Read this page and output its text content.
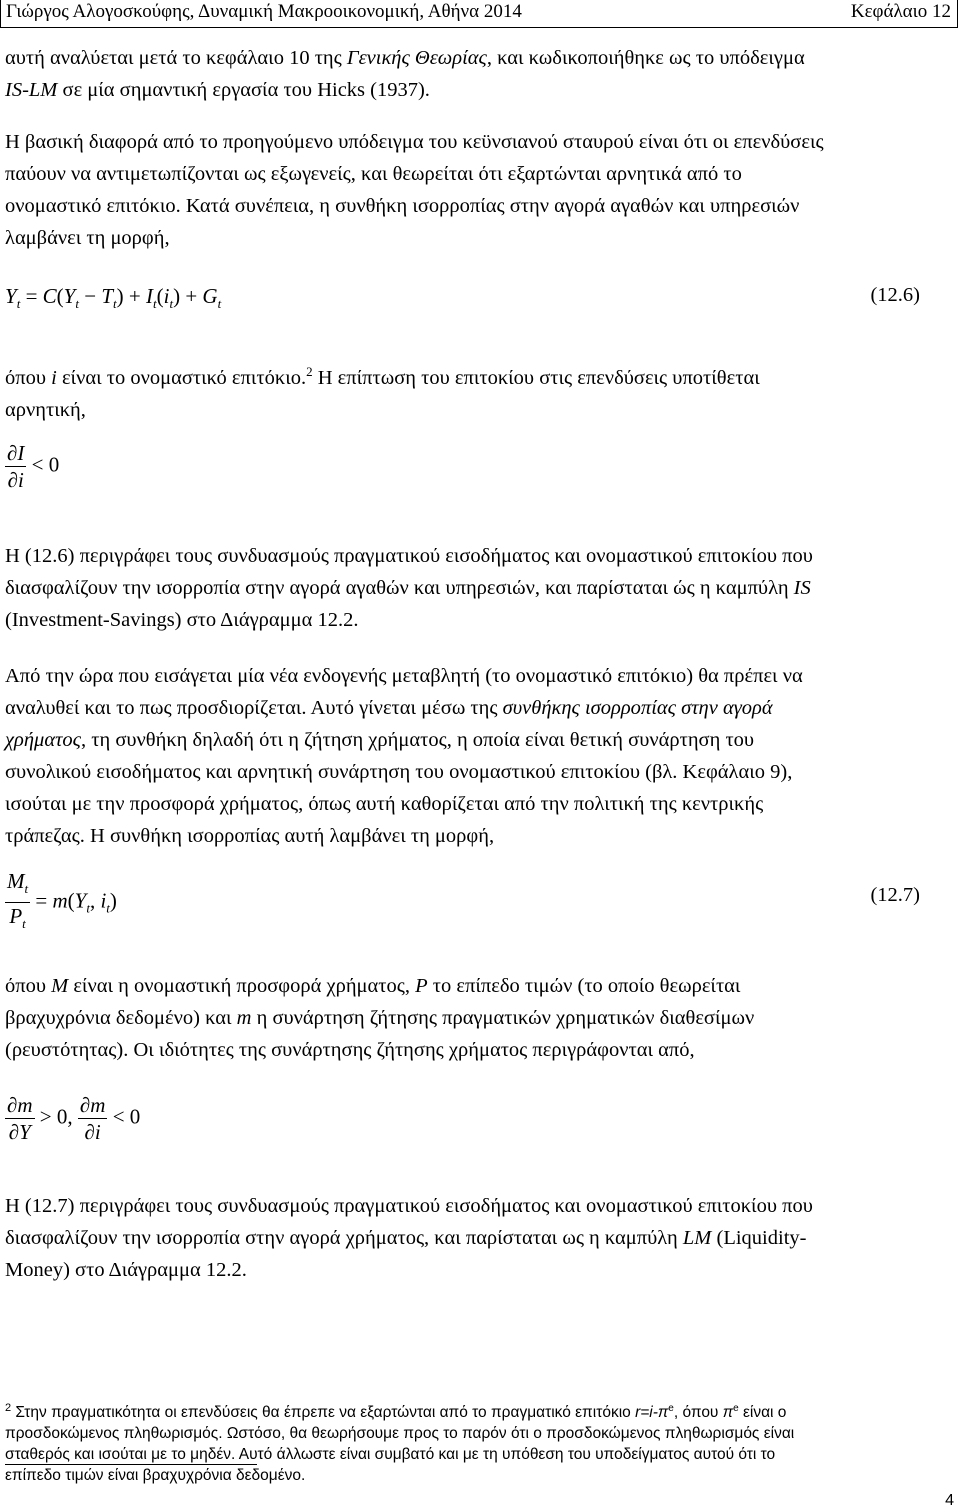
Γιώργος Αλογοσκούφης, Δυναμική Μακροοικονομική, Αθήνα 2014	Κεφάλαιο 12

αυτή αναλύεται μετά το κεφάλαιο 10 της Γενικής Θεωρίας, και κωδικοποιήθηκε ως το υπόδειγμα
IS-LM σε μία σημαντική εργασία του Hicks (1937).

Η βασική διαφορά από το προηγούμενο υπόδειγμα του κεϋνσιανού σταυρού είναι ότι οι επενδύσεις
παύουν να αντιμετωπίζονται ως εξωγενείς, και θεωρείται ότι εξαρτώνται αρνητικά από το
ονομαστικό επιτόκιο. Κατά συνέπεια, η συνθήκη ισορροπίας στην αγορά αγαθών και υπηρεσιών
λαμβάνει τη μορφή,

$Y_t = C(Y_t - T_t) + I_t(i_t) + G_t$	(12.6)

όπου i είναι το ονομαστικό επιτόκιο.$^2$ Η επίπτωση του επιτοκίου στις επενδύσεις υποτίθεται
αρνητική,

$\frac{\partial I}{\partial i} < 0$

Η (12.6) περιγράφει τους συνδυασμούς πραγματικού εισοδήματος και ονομαστικού επιτοκίου που
διασφαλίζουν την ισορροπία στην αγορά αγαθών και υπηρεσιών, και παρίσταται ώς η καμπύλη IS
(Investment-Savings) στο Διάγραμμα 12.2.

Από την ώρα που εισάγεται μία νέα ενδογενής μεταβλητή (το ονομαστικό επιτόκιο) θα πρέπει να
αναλυθεί και το πως προσδιορίζεται. Αυτό γίνεται μέσω της συνθήκης ισορροπίας στην αγορά
χρήματος, τη συνθήκη δηλαδή ότι η ζήτηση χρήματος, η οποία είναι θετική συνάρτηση του
συνολικού εισοδήματος και αρνητική συνάρτηση του ονομαστικού επιτοκίου (βλ. Κεφάλαιο 9),
ισούται με την προσφορά χρήματος, όπως αυτή καθορίζεται από την πολιτική της κεντρικής
τράπεζας. Η συνθήκη ισορροπίας αυτή λαμβάνει τη μορφή,

$\frac{M_t}{P_t} = m(Y_t$, $i_t$)	(12.7)

όπου M είναι η ονομαστική προσφορά χρήματος, P το επίπεδο τιμών (το οποίο θεωρείται
βραχυχρόνια δεδομένο) και m η συνάρτηση ζήτησης πραγματικών χρηματικών διαθεσίμων
(ρευστότητας). Οι ιδιότητες της συνάρτησης ζήτησης χρήματος περιγράφονται από,

$\frac{\partial m}{\partial Y} > 0$, $\frac{\partial m}{\partial i} < 0$

Η (12.7) περιγράφει τους συνδυασμούς πραγματικού εισοδήματος και ονομαστικού επιτοκίου που
διασφαλίζουν την ισορροπία στην αγορά χρήματος, και παρίσταται ως η καμπύλη LM (Liquidity-
Money) στο Διάγραμμα 12.2.

$^2$ Στην πραγματικότητα οι επενδύσεις θα έπρεπε να εξαρτώνται από το πραγματικό επιτόκιο $r=i-\pi^e$, όπου $\pi^e$ είναι ο
προσδοκώμενος πληθωρισμός. Ωστόσο, θα θεωρήσουμε προς το παρόν ότι ο προσδοκώμενος πληθωρισμός είναι
σταθερός και ισούται με το μηδέν. Αυτό άλλωστε είναι συμβατό και με τη υπόθεση του υποδείγματος αυτού ότι το
επίπεδο τιμών είναι βραχυχρόνια δεδομένο.

4
